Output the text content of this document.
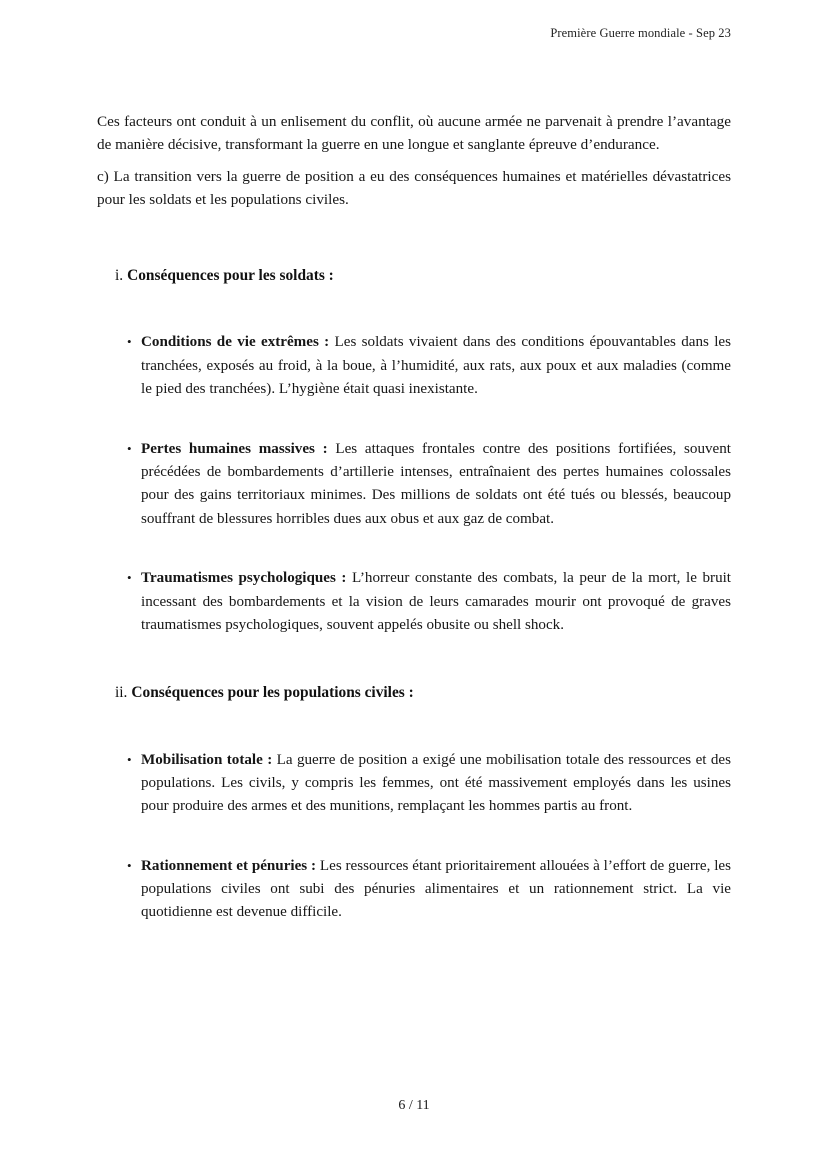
Première Guerre mondiale - Sep 23

Ces facteurs ont conduit à un enlisement du conflit, où aucune armée ne parvenait à prendre l’avantage de manière décisive, transformant la guerre en une longue et sanglante épreuve d’endurance.

c) La transition vers la guerre de position a eu des conséquences humaines et matérielles dévastatrices pour les soldats et les populations civiles.

i. Conséquences pour les soldats :
• Conditions de vie extrêmes : Les soldats vivaient dans des conditions épouvantables dans les tranchées, exposés au froid, à la boue, à l’humidité, aux rats, aux poux et aux maladies (comme le pied des tranchées). L’hygiène était quasi inexistante.
• Pertes humaines massives : Les attaques frontales contre des positions fortifiées, souvent précédées de bombardements d’artillerie intenses, entraînaient des pertes humaines colossales pour des gains territoriaux minimes. Des millions de soldats ont été tués ou blessés, beaucoup souffrant de blessures horribles dues aux obus et aux gaz de combat.
• Traumatismes psychologiques : L’horreur constante des combats, la peur de la mort, le bruit incessant des bombardements et la vision de leurs camarades mourir ont provoqué de graves traumatismes psychologiques, souvent appelés obusite ou shell shock.
ii. Conséquences pour les populations civiles :
• Mobilisation totale : La guerre de position a exigé une mobilisation totale des ressources et des populations. Les civils, y compris les femmes, ont été massivement employés dans les usines pour produire des armes et des munitions, remplaçant les hommes partis au front.
• Rationnement et pénuries : Les ressources étant prioritairement allouées à l’effort de guerre, les populations civiles ont subi des pénuries alimentaires et un rationnement strict. La vie quotidienne est devenue difficile.
6 / 11
